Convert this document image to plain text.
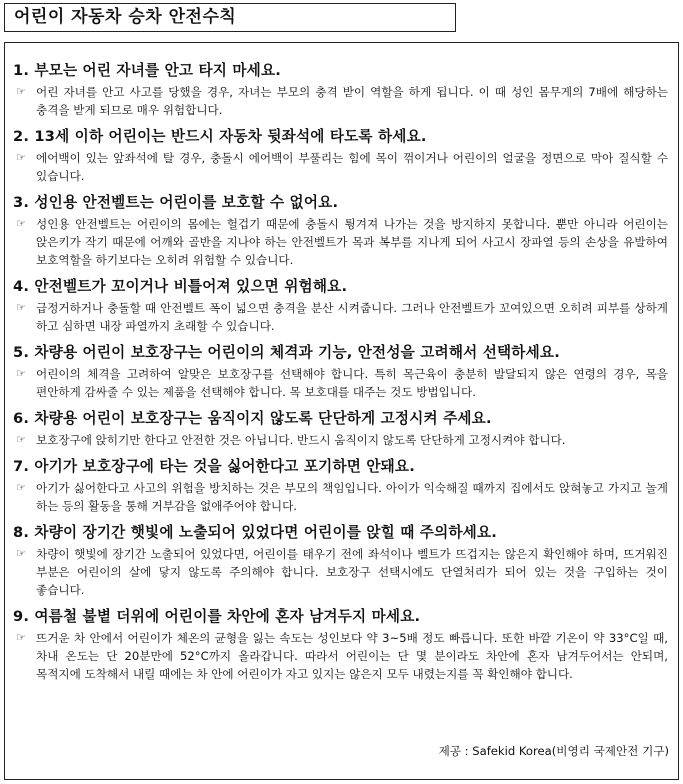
어린이 자동차 승차 안전수칙
1. 부모는 어린 자녀를 안고 타지 마세요.
☞ 어린 자녀를 안고 사고를 당했을 경우, 자녀는 부모의 충격 받이 역할을 하게 됩니다. 이 때 성인 몸무게의 7배에 해당하는 충격을 받게 되므로 매우 위험합니다.
2. 13세 이하 어린이는 반드시 자동차 뒷좌석에 타도록 하세요.
☞ 에어백이 있는 앞좌석에 탈 경우, 충돌시 에어백이 부풀리는 힘에 목이 꺾이거나 어린이의 얼굴을 정면으로 막아 질식할 수 있습니다.
3. 성인용 안전벨트는 어린이를 보호할 수 없어요.
☞ 성인용 안전벨트는 어린이의 몸에는 헐겁기 때문에 충돌시 튕겨져 나가는 것을 방지하지 못합니다. 뿐만 아니라 어린이는 앉은키가 작기 때문에 어깨와 골반을 지나야 하는 안전벨트가 목과 복부를 지나게 되어 사고시 장파열 등의 손상을 유발하여 보호역할을 하기보다는 오히려 위험할 수 있습니다.
4. 안전벨트가 꼬이거나 비틀어져 있으면 위험해요.
☞ 급정거하거나 충돌할 때 안전벨트 폭이 넓으면 충격을 분산 시켜줍니다. 그러나 안전벨트가 꼬여있으면 오히려 피부를 상하게 하고 심하면 내장 파열까지 초래할 수 있습니다.
5. 차량용 어린이 보호장구는 어린이의 체격과 기능, 안전성을 고려해서 선택하세요.
☞ 어린이의 체격을 고려하여 알맞은 보호장구를 선택해야 합니다. 특히 목근육이 충분히 발달되지 않은 연령의 경우, 목을 편안하게 감싸줄 수 있는 제품을 선택해야 합니다. 목 보호대를 대주는 것도 방법입니다.
6. 차량용 어린이 보호장구는 움직이지 않도록 단단하게 고정시켜 주세요.
☞ 보호장구에 앉히기만 한다고 안전한 것은 아닙니다. 반드시 움직이지 않도록 단단하게 고정시켜야 합니다.
7. 아기가 보호장구에 타는 것을 싫어한다고 포기하면 안돼요.
☞ 아기가 싫어한다고 사고의 위험을 방치하는 것은 부모의 책임입니다. 아이가 익숙해질 때까지 집에서도 앉혀놓고 가지고 놀게 하는 등의 활동을 통해 거부감을 없애주어야 합니다.
8. 차량이 장기간 햇빛에 노출되어 있었다면 어린이를 앉힐 때 주의하세요.
☞ 차량이 햇빛에 장기간 노출되어 있었다면, 어린이를 태우기 전에 좌석이나 벨트가 뜨겁지는 않은지 확인해야 하며, 뜨거워진 부분은 어린이의 살에 닿지 않도록 주의해야 합니다. 보호장구 선택시에도 단열처리가 되어 있는 것을 구입하는 것이 좋습니다.
9. 여름철 불볕 더위에 어린이를 차안에 혼자 남겨두지 마세요.
☞ 뜨거운 차 안에서 어린이가 체온의 균형을 잃는 속도는 성인보다 약 3~5배 정도 빠릅니다. 또한 바깥 기온이 약 33°C일 때, 차내 온도는 단 20분만에 52°C까지 올라갑니다. 따라서 어린이는 단 몇 분이라도 차안에 혼자 남겨두어서는 안되며, 목적지에 도착해서 내릴 때에는 차 안에 어린이가 자고 있지는 않은지 모두 내렸는지를 꼭 확인해야 합니다.
제공 : Safekid Korea(비영리 국제안전 기구)
